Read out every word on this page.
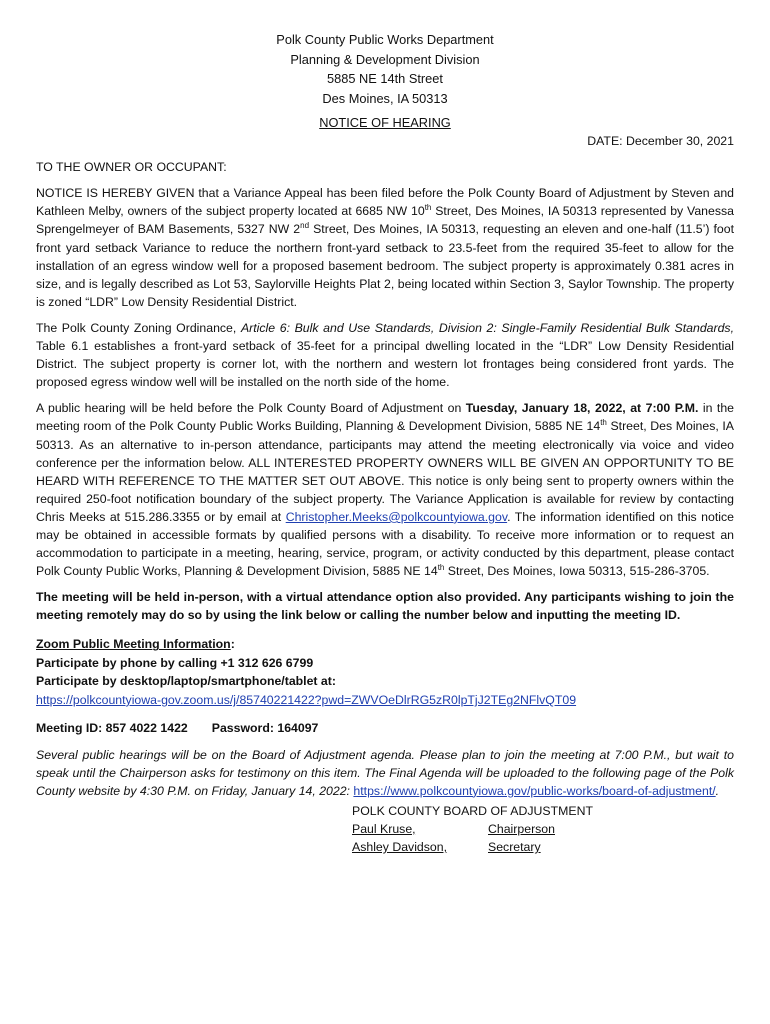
Polk County Public Works Department
Planning & Development Division
5885 NE 14th Street
Des Moines, IA 50313
NOTICE OF HEARING
DATE: December 30, 2021
TO THE OWNER OR OCCUPANT:
NOTICE IS HEREBY GIVEN that a Variance Appeal has been filed before the Polk County Board of Adjustment by Steven and Kathleen Melby, owners of the subject property located at 6685 NW 10th Street, Des Moines, IA 50313 represented by Vanessa Sprengelmeyer of BAM Basements, 5327 NW 2nd Street, Des Moines, IA 50313, requesting an eleven and one-half (11.5’) foot front yard setback Variance to reduce the northern front-yard setback to 23.5-feet from the required 35-feet to allow for the installation of an egress window well for a proposed basement bedroom. The subject property is approximately 0.381 acres in size, and is legally described as Lot 53, Saylorville Heights Plat 2, being located within Section 3, Saylor Township. The property is zoned “LDR” Low Density Residential District.
The Polk County Zoning Ordinance, Article 6: Bulk and Use Standards, Division 2: Single-Family Residential Bulk Standards, Table 6.1 establishes a front-yard setback of 35-feet for a principal dwelling located in the “LDR” Low Density Residential District. The subject property is corner lot, with the northern and western lot frontages being considered front yards. The proposed egress window well will be installed on the north side of the home.
A public hearing will be held before the Polk County Board of Adjustment on Tuesday, January 18, 2022, at 7:00 P.M. in the meeting room of the Polk County Public Works Building, Planning & Development Division, 5885 NE 14th Street, Des Moines, IA 50313. As an alternative to in-person attendance, participants may attend the meeting electronically via voice and video conference per the information below. ALL INTERESTED PROPERTY OWNERS WILL BE GIVEN AN OPPORTUNITY TO BE HEARD WITH REFERENCE TO THE MATTER SET OUT ABOVE. This notice is only being sent to property owners within the required 250-foot notification boundary of the subject property. The Variance Application is available for review by contacting Chris Meeks at 515.286.3355 or by email at Christopher.Meeks@polkcountyiowa.gov. The information identified on this notice may be obtained in accessible formats by qualified persons with a disability. To receive more information or to request an accommodation to participate in a meeting, hearing, service, program, or activity conducted by this department, please contact Polk County Public Works, Planning & Development Division, 5885 NE 14th Street, Des Moines, Iowa 50313, 515-286-3705.
The meeting will be held in-person, with a virtual attendance option also provided. Any participants wishing to join the meeting remotely may do so by using the link below or calling the number below and inputting the meeting ID.
Zoom Public Meeting Information:
Participate by phone by calling +1 312 626 6799
Participate by desktop/laptop/smartphone/tablet at:
https://polkcountyiowa-gov.zoom.us/j/85740221422?pwd=ZWVOeDlrRG5zR0lpTjJ2TEg2NFlvQT09
Meeting ID: 857 4022 1422 Password: 164097
Several public hearings will be on the Board of Adjustment agenda. Please plan to join the meeting at 7:00 P.M., but wait to speak until the Chairperson asks for testimony on this item. The Final Agenda will be uploaded to the following page of the Polk County website by 4:30 P.M. on Friday, January 14, 2022: https://www.polkcountyiowa.gov/public-works/board-of-adjustment/.
POLK COUNTY BOARD OF ADJUSTMENT
Paul Kruse,	Chairperson
Ashley Davidson,	Secretary
